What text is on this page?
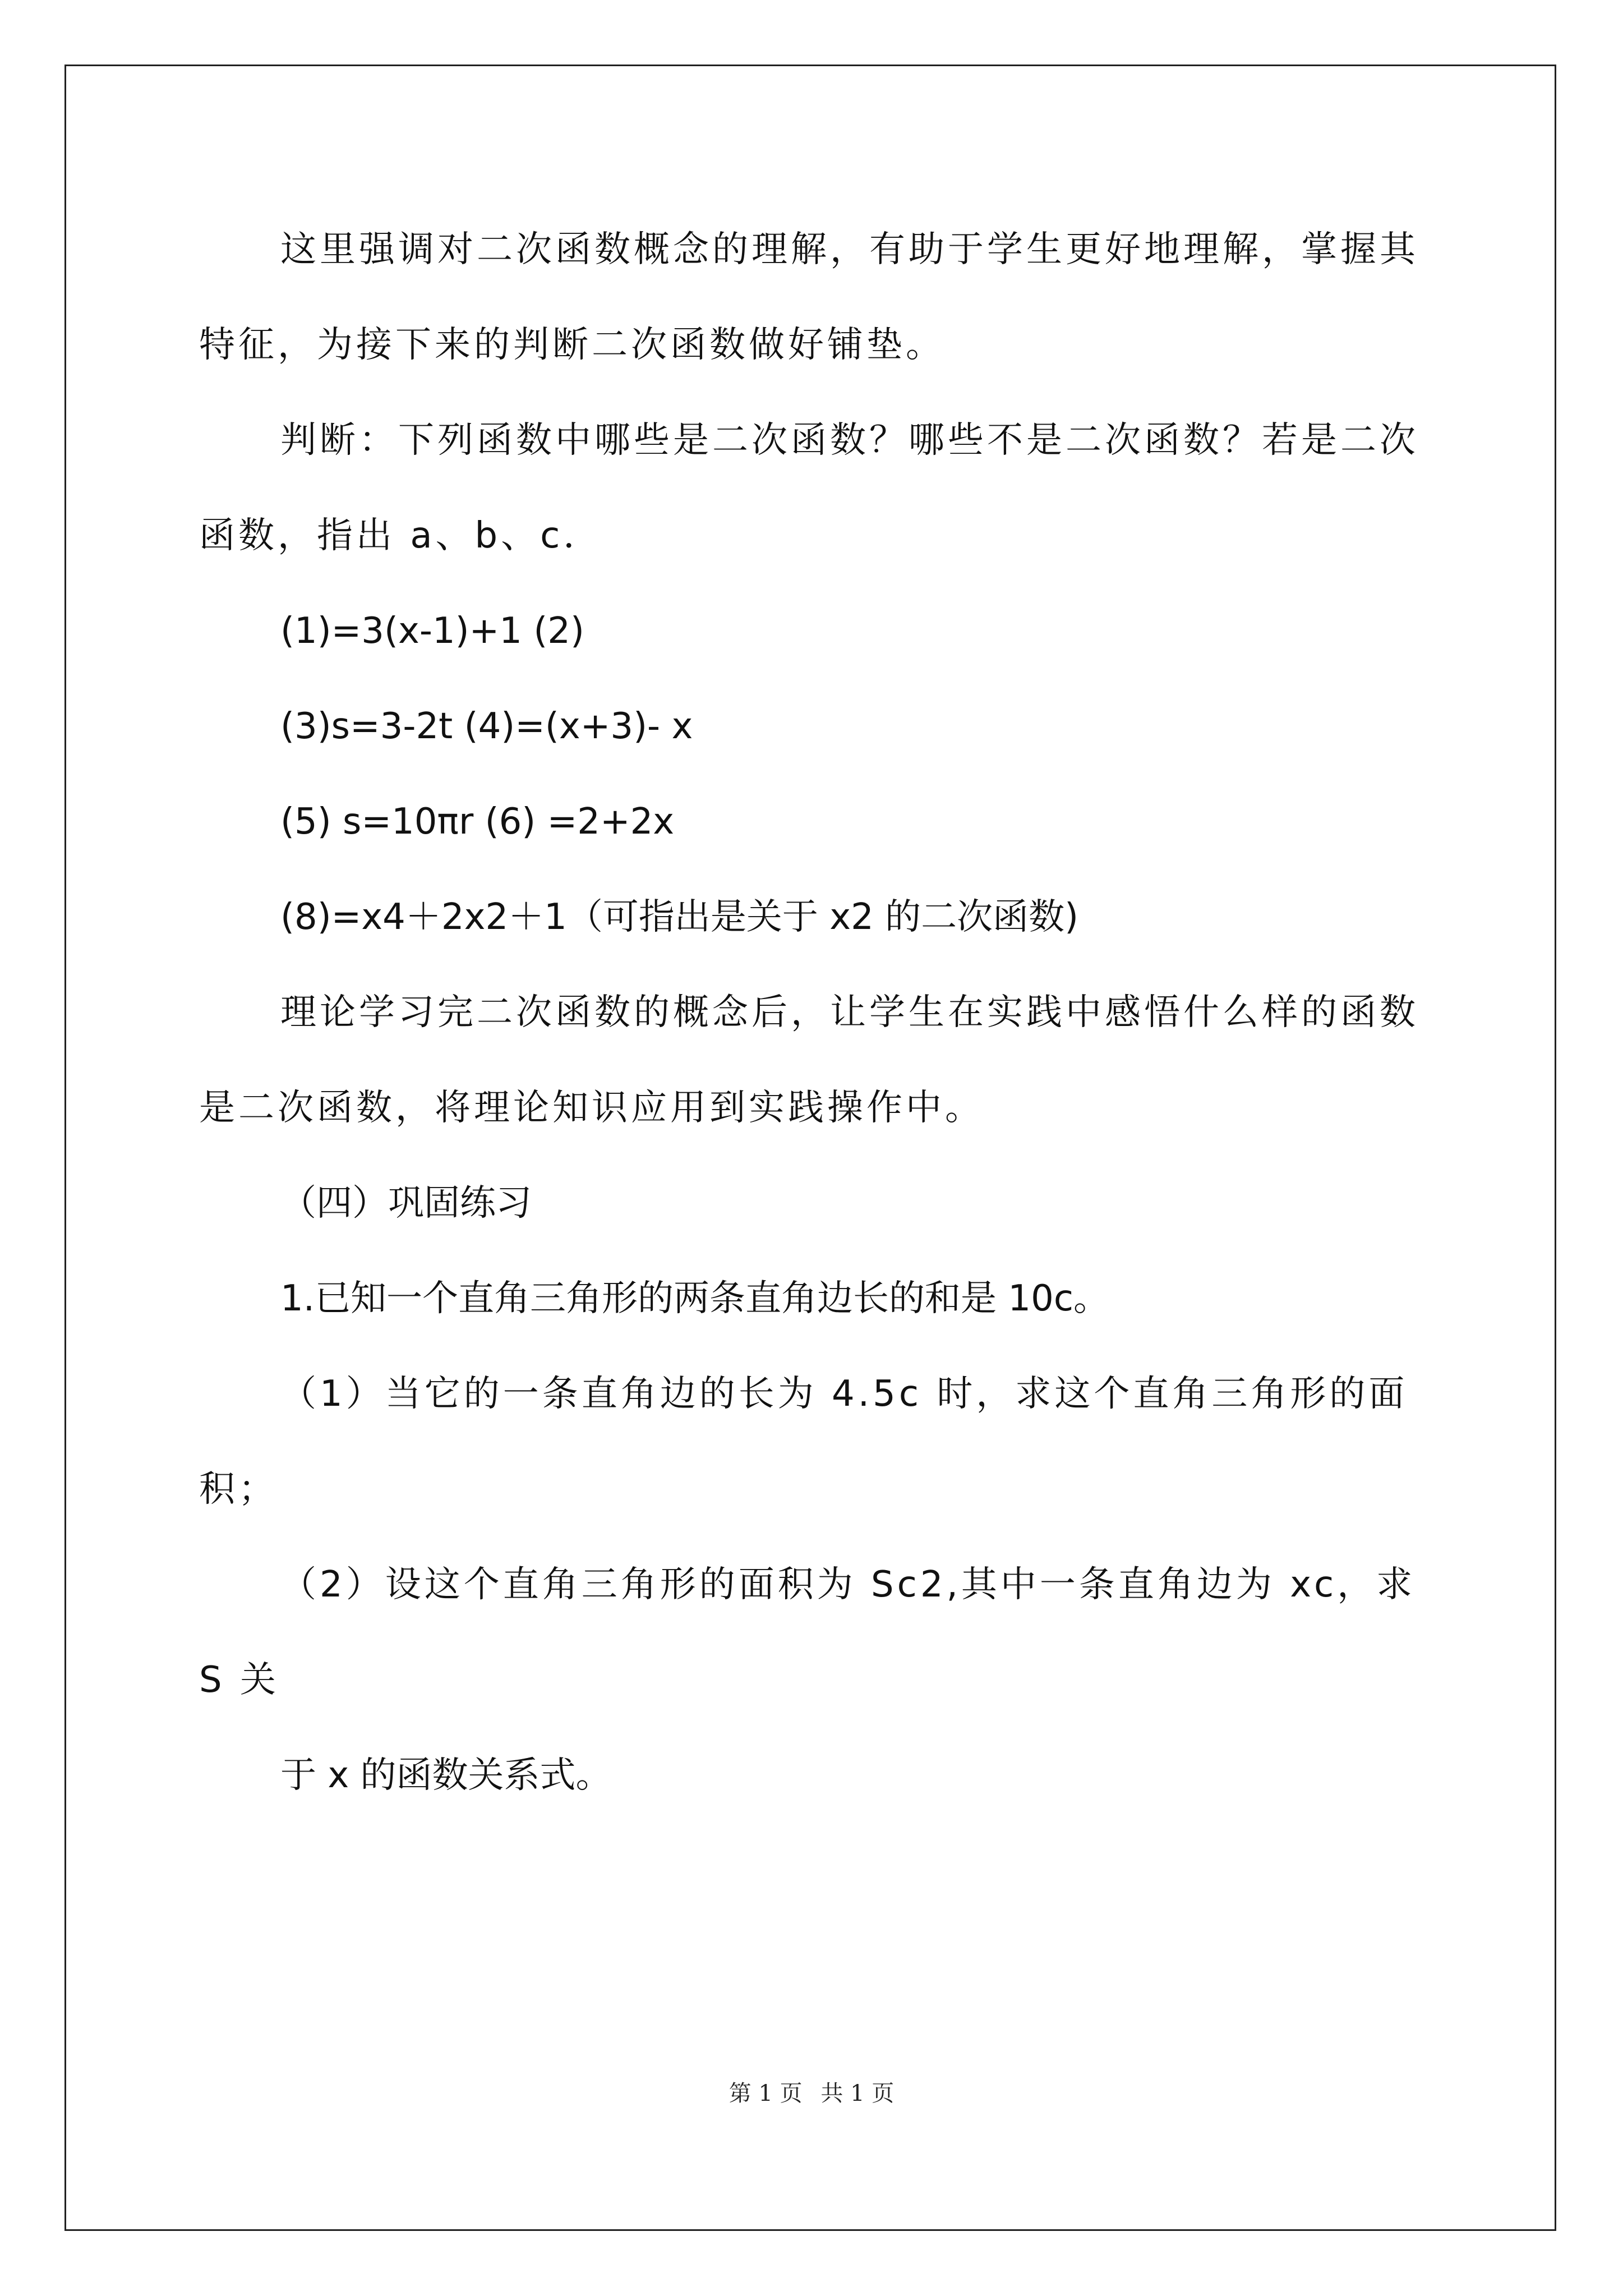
这里强调对二次函数概念的理解，有助于学生更好地理解，掌握其特征，为接下来的判断二次函数做好铺垫。

判断：下列函数中哪些是二次函数？哪些不是二次函数？若是二次函数，指出 a、b、c．

(1)=3(x-1)+1 (2)

(3)s=3-2t (4)=(x+3)- x

(5) s=10πr (6) =2+2x

(8)=x4＋2x2＋1（可指出是关于 x2 的二次函数)

理论学习完二次函数的概念后，让学生在实践中感悟什么样的函数是二次函数，将理论知识应用到实践操作中。

（四）巩固练习

1.已知一个直角三角形的两条直角边长的和是 10c。

（1）当它的一条直角边的长为 4.5c 时，求这个直角三角形的面积；

（2）设这个直角三角形的面积为 Sc2,其中一条直角边为 xc，求 S 关

于 x 的函数关系式。

第 1 页 共 1 页
